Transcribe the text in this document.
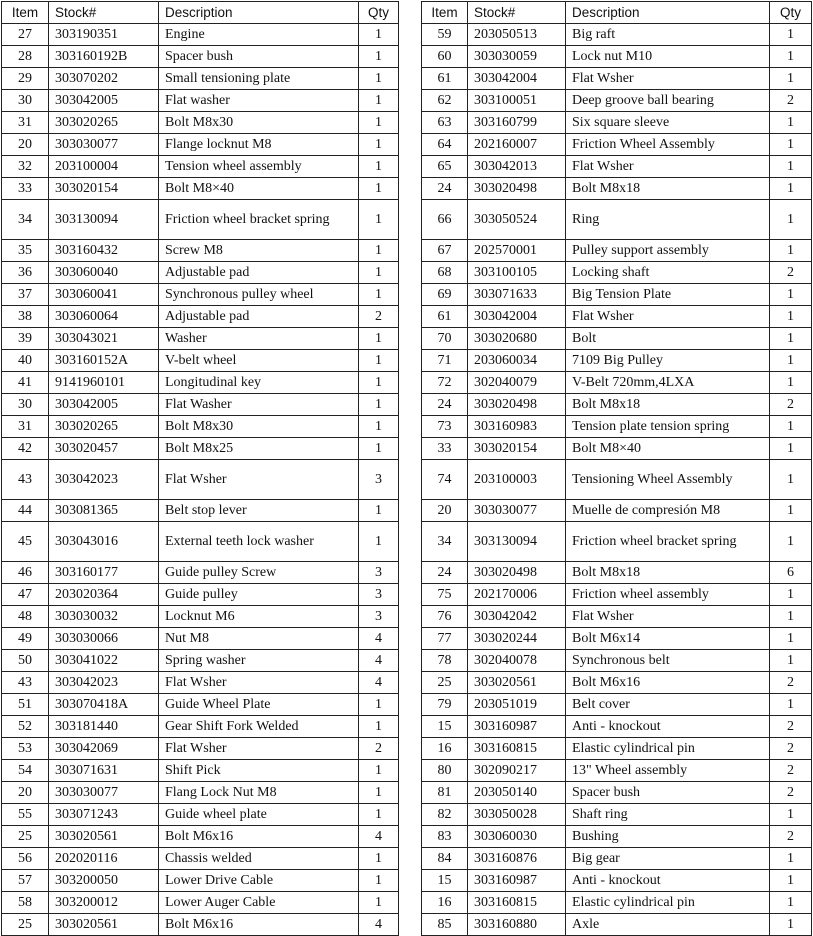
Item	Stock#	Description	Qty
27	303190351	Engine	1
28	303160192B	Spacer bush	1
29	303070202	Small tensioning plate	1
30	303042005	Flat washer	1
31	303020265	Bolt M8x30	1
20	303030077	Flange locknut M8	1
32	203100004	Tension wheel assembly	1
33	303020154	Bolt M8×40	1
34	303130094	Friction wheel bracket spring	1
35	303160432	Screw M8	1
36	303060040	Adjustable pad	1
37	303060041	Synchronous pulley wheel	1
38	303060064	Adjustable pad	2
39	303043021	Washer	1
40	303160152A	V-belt wheel	1
41	9141960101	Longitudinal key	1
30	303042005	Flat Washer	1
31	303020265	Bolt M8x30	1
42	303020457	Bolt M8x25	1
43	303042023	Flat Wsher	3
44	303081365	Belt stop lever	1
45	303043016	External teeth lock washer	1
46	303160177	Guide pulley Screw	3
47	203020364	Guide pulley	3
48	303030032	Locknut M6	3
49	303030066	Nut M8	4
50	303041022	Spring washer	4
43	303042023	Flat Wsher	4
51	303070418A	Guide Wheel Plate	1
52	303181440	Gear Shift Fork Welded	1
53	303042069	Flat Wsher	2
54	303071631	Shift Pick	1
20	303030077	Flang Lock Nut M8	1
55	303071243	Guide wheel plate	1
25	303020561	Bolt M6x16	4
56	202020116	Chassis welded	1
57	303200050	Lower Drive Cable	1
58	303200012	Lower Auger Cable	1
25	303020561	Bolt M6x16	4
Item	Stock#	Description	Qty
59	203050513	Big raft	1
60	303030059	Lock nut M10	1
61	303042004	Flat Wsher	1
62	303100051	Deep groove ball bearing	2
63	303160799	Six square sleeve	1
64	202160007	Friction Wheel Assembly	1
65	303042013	Flat Wsher	1
24	303020498	Bolt M8x18	1
66	303050524	Ring	1
67	202570001	Pulley support assembly	1
68	303100105	Locking shaft	2
69	303071633	Big Tension Plate	1
61	303042004	Flat Wsher	1
70	303020680	Bolt	1
71	203060034	7109 Big Pulley	1
72	302040079	V-Belt 720mm,4LXA	1
24	303020498	Bolt M8x18	2
73	303160983	Tension plate tension spring	1
33	303020154	Bolt M8×40	1
74	203100003	Tensioning Wheel Assembly	1
20	303030077	Muelle de compresión M8	1
34	303130094	Friction wheel bracket spring	1
24	303020498	Bolt M8x18	6
75	202170006	Friction wheel assembly	1
76	303042042	Flat Wsher	1
77	303020244	Bolt M6x14	1
78	302040078	Synchronous belt	1
25	303020561	Bolt M6x16	2
79	203051019	Belt cover	1
15	303160987	Anti - knockout	2
16	303160815	Elastic cylindrical pin	2
80	302090217	13" Wheel assembly	2
81	203050140	Spacer bush	2
82	303050028	Shaft ring	1
83	303060030	Bushing	2
84	303160876	Big gear	1
15	303160987	Anti - knockout	1
16	303160815	Elastic cylindrical pin	1
85	303160880	Axle	1
